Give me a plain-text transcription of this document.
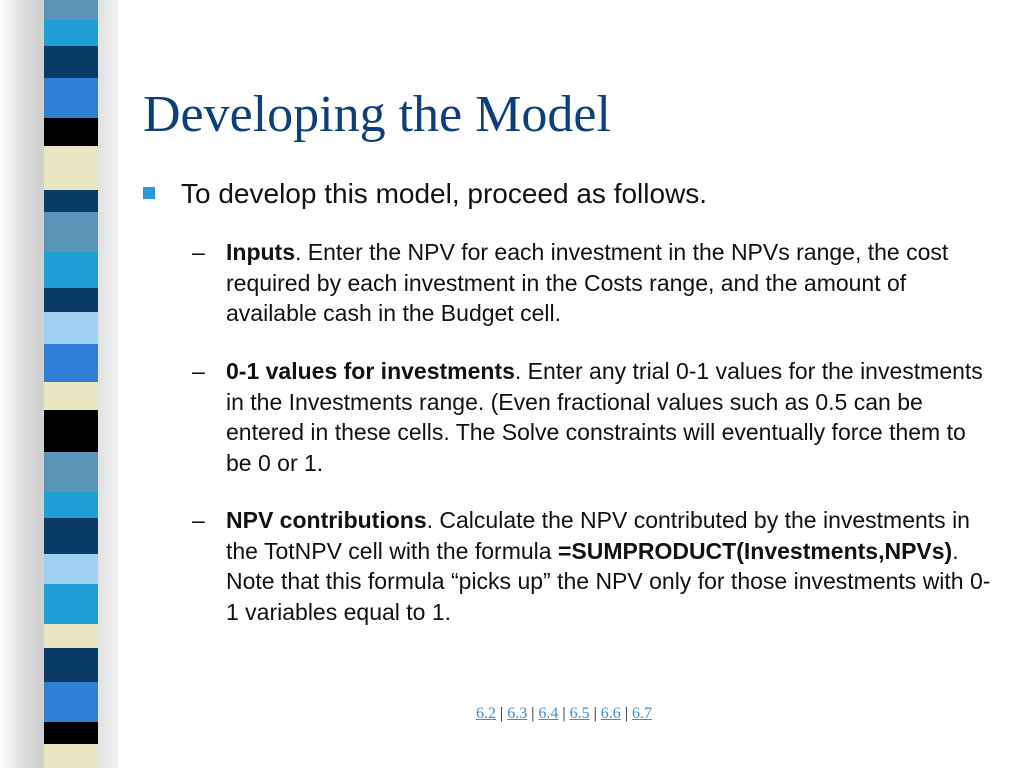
Developing the Model
To develop this model, proceed as follows.
– Inputs. Enter the NPV for each investment in the NPVs range, the cost required by each investment in the Costs range, and the amount of available cash in the Budget cell.
– 0-1 values for investments. Enter any trial 0-1 values for the investments in the Investments range. (Even fractional values such as 0.5 can be entered in these cells. The Solve constraints will eventually force them to be 0 or 1.
– NPV contributions. Calculate the NPV contributed by the investments in the TotNPV cell with the formula =SUMPRODUCT(Investments,NPVs). Note that this formula “picks up” the NPV only for those investments with 0-1 variables equal to 1.
6.2 | 6.3 | 6.4 | 6.5 | 6.6 | 6.7
